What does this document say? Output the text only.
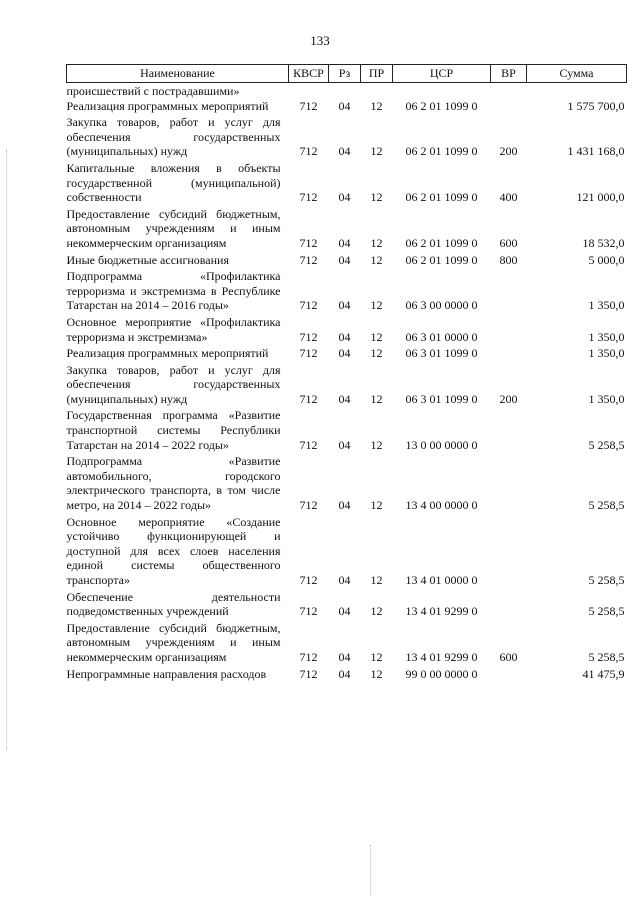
133
Наименование	КВСР	Рз	ПР	ЦСР	ВР	Сумма
происшествий с пострадавшими»						
Реализация программных мероприятий	712	04	12	06 2 01 1099 0		1 575 700,0
Закупка товаров, работ и услуг для обеспечения государственных (муниципальных) нужд	712	04	12	06 2 01 1099 0	200	1 431 168,0
Капитальные вложения в объекты государственной (муниципальной) собственности	712	04	12	06 2 01 1099 0	400	121 000,0
Предоставление субсидий бюджетным, автономным учреждениям и иным некоммерческим организациям	712	04	12	06 2 01 1099 0	600	18 532,0
Иные бюджетные ассигнования	712	04	12	06 2 01 1099 0	800	5 000,0
Подпрограмма «Профилактика терроризма и экстремизма в Республике Татарстан на 2014 – 2016 годы»	712	04	12	06 3 00 0000 0		1 350,0
Основное мероприятие «Профилактика терроризма и экстремизма»	712	04	12	06 3 01 0000 0		1 350,0
Реализация программных мероприятий	712	04	12	06 3 01 1099 0		1 350,0
Закупка товаров, работ и услуг для обеспечения государственных (муниципальных) нужд	712	04	12	06 3 01 1099 0	200	1 350,0
Государственная программа «Развитие транспортной системы Республики Татарстан на 2014 – 2022 годы»	712	04	12	13 0 00 0000 0		5 258,5
Подпрограмма «Развитие автомобильного, городского электрического транспорта, в том числе метро, на 2014 – 2022 годы»	712	04	12	13 4 00 0000 0		5 258,5
Основное мероприятие «Создание устойчиво функционирующей и доступной для всех слоев населения единой системы общественного транспорта»	712	04	12	13 4 01 0000 0		5 258,5
Обеспечение деятельности подведомственных учреждений	712	04	12	13 4 01 9299 0		5 258,5
Предоставление субсидий бюджетным, автономным учреждениям и иным некоммерческим организациям	712	04	12	13 4 01 9299 0	600	5 258,5
Непрограммные направления расходов	712	04	12	99 0 00 0000 0		41 475,9
